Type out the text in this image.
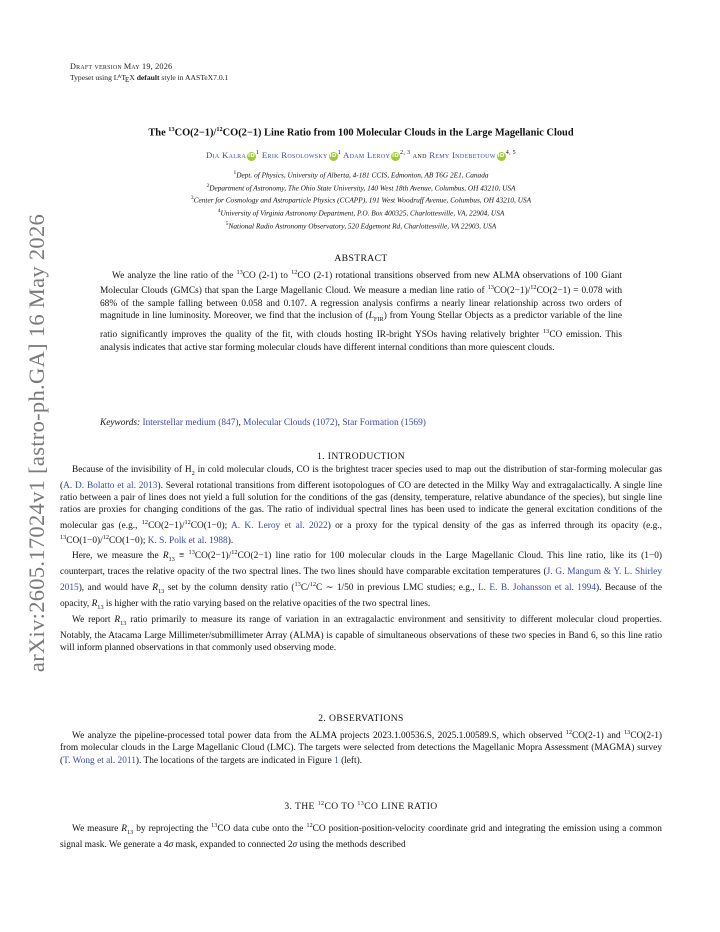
arXiv:2605.17024v1 [astro-ph.GA] 16 May 2026
Draft version May 19, 2026
Typeset using $L^ATEX$ default style in AASTeX7.0.1
The $^{13}$CO(2−1)/$^{12}$CO(2−1) Line Ratio from 100 Molecular Clouds in the Large Magellanic Cloud
Dia Kalra $iD^1$ Erik Rosolowsky $iD^1$ Adam Leroy iD$^{2, 3}$ and Remy Indebetouw iD$^{4, 5}$
$^1$Dept. of Physics, University of Alberta, 4-181 CCIS, Edmonton, AB T6G 2E1, Canada
$^2$Department of Astronomy, The Ohio State University, 140 West 18th Avenue, Columbus, OH 43210, USA
$^3$Center for Cosmology and Astroparticle Physics (CCAPP), 191 West Woodruff Avenue, Columbus, OH 43210, USA
$^4$University of Virginia Astronomy Department, P.O. Box 400325, Charlottesville, VA, 22904, USA
$^5$National Radio Astronomy Observatory, 520 Edgemont Rd, Charlottesville, VA 22903, USA
ABSTRACT
We analyze the line ratio of the $^{13}$CO (2-1) to $^{12}$CO (2-1) rotational transitions observed from new ALMA observations of 100 Giant Molecular Clouds (GMCs) that span the Large Magellanic Cloud. We measure a median line ratio of $^{13}$CO(2−1)/$^{12}$CO(2−1) = 0.078 with 68% of the sample falling between 0.058 and 0.107. A regression analysis confirms a nearly linear relationship across two orders of magnitude in line luminosity. Moreover, we find that the inclusion of $(L_{FIR})$ from Young Stellar Objects as a predictor variable of the line ratio significantly improves the quality of the fit, with clouds hosting IR-bright YSOs having relatively brighter $^{13}$CO emission. This analysis indicates that active star forming molecular clouds have different internal conditions than more quiescent clouds.
Keywords: Interstellar medium (847), Molecular Clouds (1072), Star Formation (1569)
1. INTRODUCTION

Because of the invisibility of $H_2$ in cold molecular clouds, CO is the brightest tracer species used to map out the distribution of star-forming molecular gas (A. D. Bolatto et al. 2013). Several rotational transitions from different isotopologues of CO are detected in the Milky Way and extragalactically. A single line ratio between a pair of lines does not yield a full solution for the conditions of the gas (density, temperature, relative abundance of the species), but single line ratios are proxies for changing conditions of the gas. The ratio of individual spectral lines has been used to indicate the general excitation conditions of the molecular gas (e.g., $^{12}$CO(2−1)/$^{12}$CO(1−0); A. K. Leroy et al. 2022) or a proxy for the typical density of the gas as inferred through its opacity (e.g., $^{13}$CO(1−0)/$^{12}$CO(1−0); K. S. Polk et al. 1988).

Here, we measure the $R_{13} \equiv ^{13}CO(2-1)/^{12}CO(2-1)$ line ratio for 100 molecular clouds in the Large Magellanic Cloud. This line ratio, like its (1−0) counterpart, traces the relative opacity of the two spectral lines. The two lines should have comparable excitation temperatures (J. G. Mangum & Y. L. Shirley 2015), and would have $R_{13}$ set by the column density ratio ($^{13}$C/$^{12}$C ∼ 1/50 in previous LMC studies; e.g., L. E. B. Johansson et al. 1994). Because of the opacity, $R_{13}$ is higher with the ratio varying based on the relative opacities of the two spectral lines.

We report $R_{13}$ ratio primarily to measure its range of variation in an extragalactic environment and sensitivity to different molecular cloud properties. Notably, the Atacama Large Millimeter/submillimeter Array (ALMA) is capable of simultaneous observations of these two species in Band 6, so this line ratio will inform planned observations in that commonly used observing mode.

2. OBSERVATIONS

We analyze the pipeline-processed total power data from the ALMA projects 2023.1.00536.S, 2025.1.00589.S, which observed $^{12}$CO(2-1) and $^{13}$CO(2-1) from molecular clouds in the Large Magellanic Cloud (LMC). The targets were selected from detections the Magellanic Mopra Assessment (MAGMA) survey (T. Wong et al. 2011). The locations of the targets are indicated in Figure 1 (left).

3. THE $^{12}$CO TO $^{13}$CO LINE RATIO

We measure $R_{13}$ by reprojecting the $^{13}$CO data cube onto the $^{12}$CO position-position-velocity coordinate grid and integrating the emission using a common signal mask. We generate a 4σ mask, expanded to connected 2σ using the methods described
